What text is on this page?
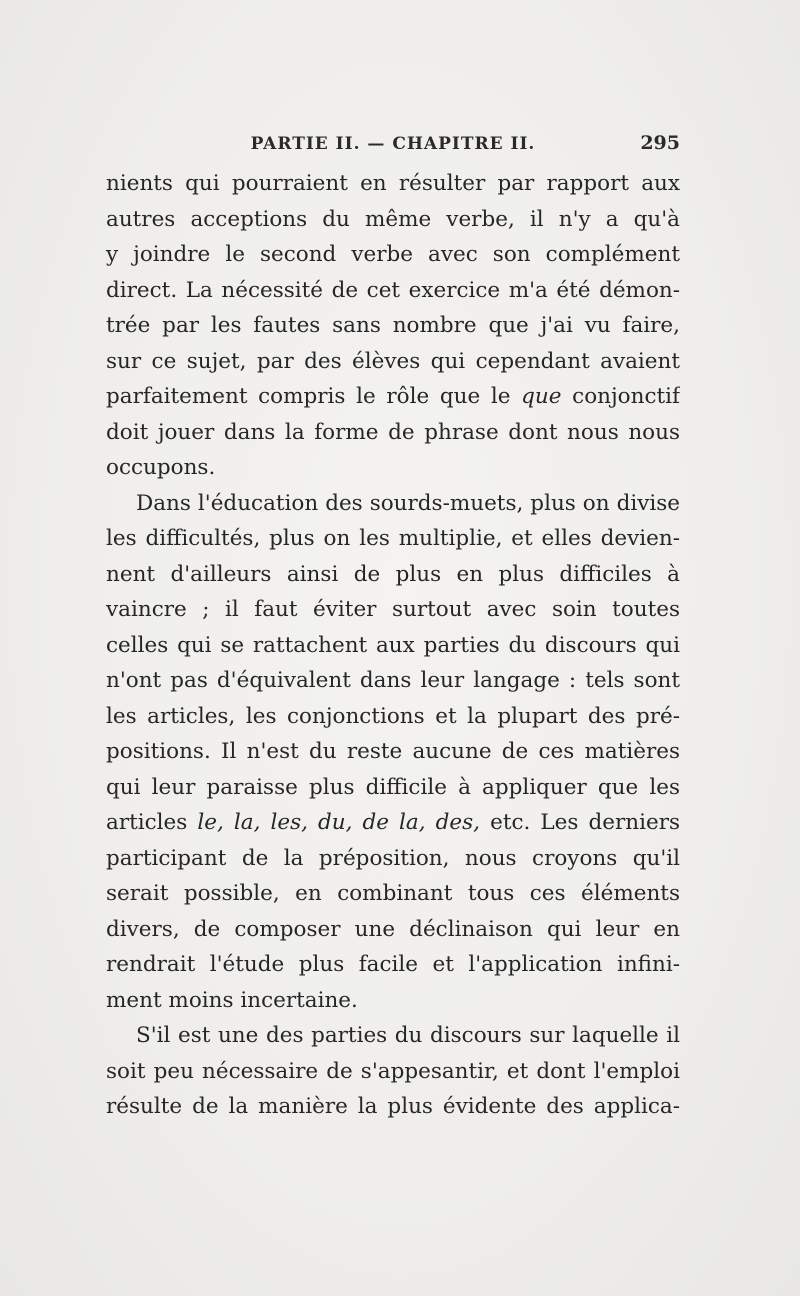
PARTIE II. — CHAPITRE II.	295
nients qui pourraient en résulter par rapport aux
autres acceptions du même verbe, il n'y a qu'à
y joindre le second verbe avec son complément
direct. La nécessité de cet exercice m'a été démon-
trée par les fautes sans nombre que j'ai vu faire,
sur ce sujet, par des élèves qui cependant avaient
parfaitement compris le rôle que le que conjonctif
doit jouer dans la forme de phrase dont nous nous
occupons.
Dans l'éducation des sourds-muets, plus on divise
les difficultés, plus on les multiplie, et elles devien-
nent d'ailleurs ainsi de plus en plus difficiles à
vaincre ; il faut éviter surtout avec soin toutes
celles qui se rattachent aux parties du discours qui
n'ont pas d'équivalent dans leur langage : tels sont
les articles, les conjonctions et la plupart des pré-
positions. Il n'est du reste aucune de ces matières
qui leur paraisse plus difficile à appliquer que les
articles le, la, les, du, de la, des, etc. Les derniers
participant de la préposition, nous croyons qu'il
serait possible, en combinant tous ces éléments
divers, de composer une déclinaison qui leur en
rendrait l'étude plus facile et l'application infini-
ment moins incertaine.
S'il est une des parties du discours sur laquelle il
soit peu nécessaire de s'appesantir, et dont l'emploi
résulte de la manière la plus évidente des applica-
